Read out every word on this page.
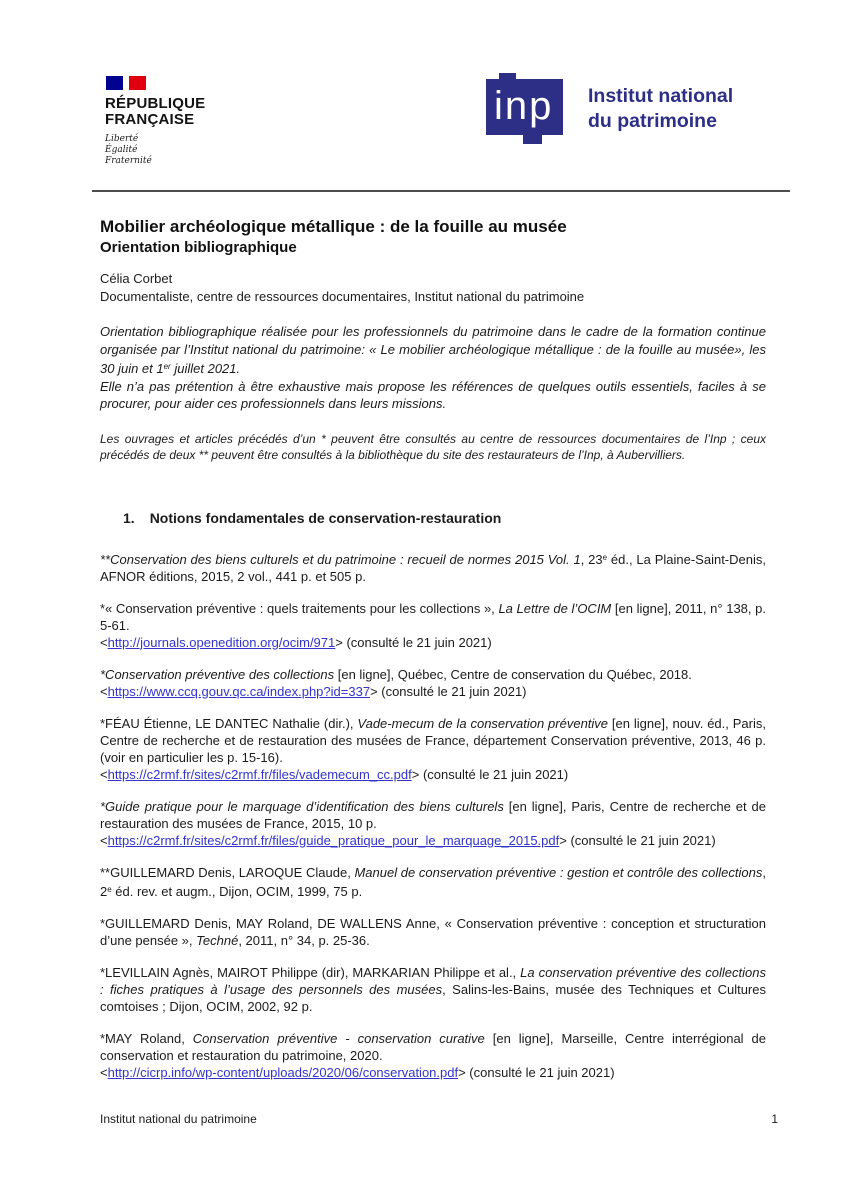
RÉPUBLIQUE
FRANÇAISE
Liberté
Égalité
Fraternité
inp Institut national
du patrimoine
Mobilier archéologique métallique : de la fouille au musée
Orientation bibliographique

Célia Corbet

Documentaliste, centre de ressources documentaires, Institut national du patrimoine

Orientation bibliographique réalisée pour les professionnels du patrimoine dans le cadre de la formation continue organisée par l’Institut national du patrimoine: « Le mobilier archéologique métallique : de la fouille au musée», les 30 juin et 1er juillet 2021.
Elle n’a pas prétention à être exhaustive mais propose les références de quelques outils essentiels, faciles à se procurer, pour aider ces professionnels dans leurs missions.

Les ouvrages et articles précédés d’un * peuvent être consultés au centre de ressources documentaires de l’Inp ; ceux précédés de deux ** peuvent être consultés à la bibliothèque du site des restaurateurs de l’Inp, à Aubervilliers.

1. Notions fondamentales de conservation-restauration

**Conservation des biens culturels et du patrimoine : recueil de normes 2015 Vol. 1, 23e éd., La Plaine-Saint-Denis, AFNOR éditions, 2015, 2 vol., 441 p. et 505 p.

*« Conservation préventive : quels traitements pour les collections », La Lettre de l’OCIM [en ligne], 2011, n° 138, p. 5-61.
<http://journals.openedition.org/ocim/971> (consulté le 21 juin 2021)

*Conservation préventive des collections [en ligne], Québec, Centre de conservation du Québec, 2018.
<https://www.ccq.gouv.qc.ca/index.php?id=337> (consulté le 21 juin 2021)

*FÉAU Étienne, LE DANTEC Nathalie (dir.), Vade-mecum de la conservation préventive [en ligne], nouv. éd., Paris, Centre de recherche et de restauration des musées de France, département Conservation préventive, 2013, 46 p. (voir en particulier les p. 15-16).
<https://c2rmf.fr/sites/c2rmf.fr/files/vademecum_cc.pdf> (consulté le 21 juin 2021)

*Guide pratique pour le marquage d’identification des biens culturels [en ligne], Paris, Centre de recherche et de restauration des musées de France, 2015, 10 p.
<https://c2rmf.fr/sites/c2rmf.fr/files/guide_pratique_pour_le_marquage_2015.pdf> (consulté le 21 juin 2021)

**GUILLEMARD Denis, LAROQUE Claude, Manuel de conservation préventive : gestion et contrôle des collections, 2e éd. rev. et augm., Dijon, OCIM, 1999, 75 p.

*GUILLEMARD Denis, MAY Roland, DE WALLENS Anne, « Conservation préventive : conception et structuration d’une pensée », Techné, 2011, n° 34, p. 25-36.

*LEVILLAIN Agnès, MAIROT Philippe (dir), MARKARIAN Philippe et al., La conservation préventive des collections : fiches pratiques à l’usage des personnels des musées, Salins-les-Bains, musée des Techniques et Cultures comtoises ; Dijon, OCIM, 2002, 92 p.

*MAY Roland, Conservation préventive - conservation curative [en ligne], Marseille, Centre interrégional de conservation et restauration du patrimoine, 2020.
<http://cicrp.info/wp-content/uploads/2020/06/conservation.pdf> (consulté le 21 juin 2021)

Institut national du patrimoine	1
